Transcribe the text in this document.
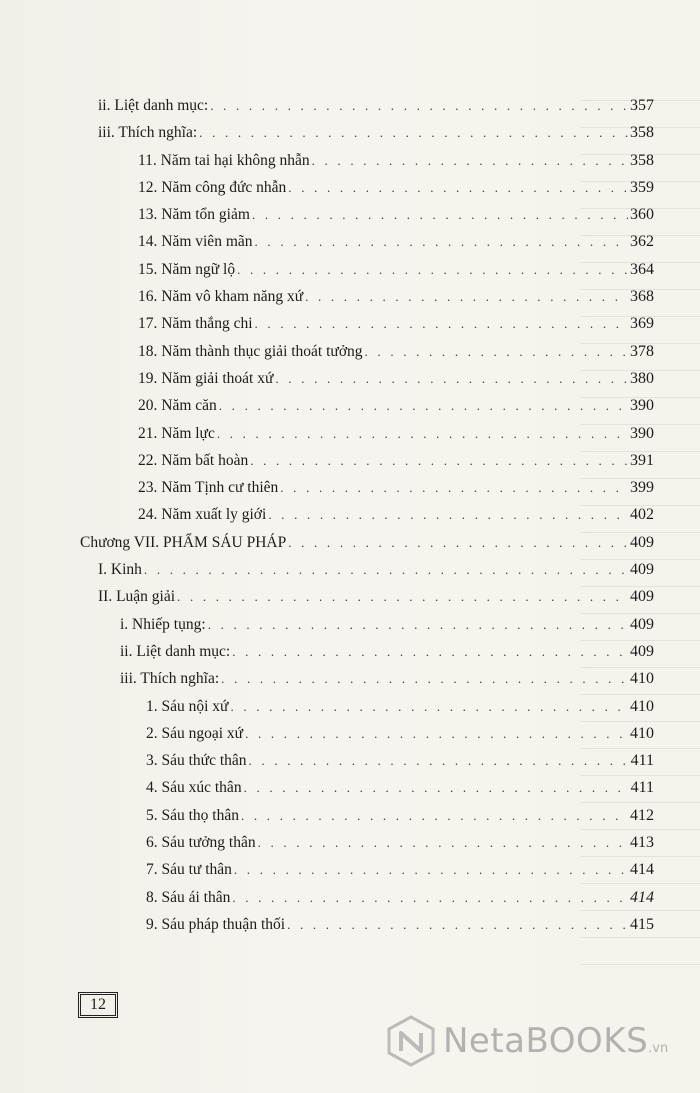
ii. Liệt danh mục: . . .	357
iii. Thích nghĩa: . . .	358
11. Năm tai hại không nhẫn . . .	358
12. Năm công đức nhẫn . . .	359
13. Năm tổn giảm . . .	360
14. Năm viên mãn . . .	362
15. Năm ngữ lộ . . .	364
16. Năm vô kham năng xứ . . .	368
17. Năm thắng chi . . .	369
18. Năm thành thục giải thoát tưởng . . .	378
19. Năm giải thoát xứ . . .	380
20. Năm căn . . .	390
21. Năm lực . . .	390
22. Năm bất hoàn . . .	391
23. Năm Tịnh cư thiên . . .	399
24. Năm xuất ly giới . . .	402
Chương VII. PHẨM SÁU PHÁP . . .	409
I. Kinh . . .	409
II. Luận giải . . .	409
i. Nhiếp tụng: . . .	409
ii. Liệt danh mục: . . .	409
iii. Thích nghĩa: . . .	410
1. Sáu nội xứ . . .	410
2. Sáu ngoại xứ . . .	410
3. Sáu thức thân . . .	411
4. Sáu xúc thân . . .	411
5. Sáu thọ thân . . .	412
6. Sáu tưởng thân . . .	413
7. Sáu tư thân . . .	414
8. Sáu ái thân . . .	414
9. Sáu pháp thuận thối . . .	415
12
NetaBOOKS.vn
